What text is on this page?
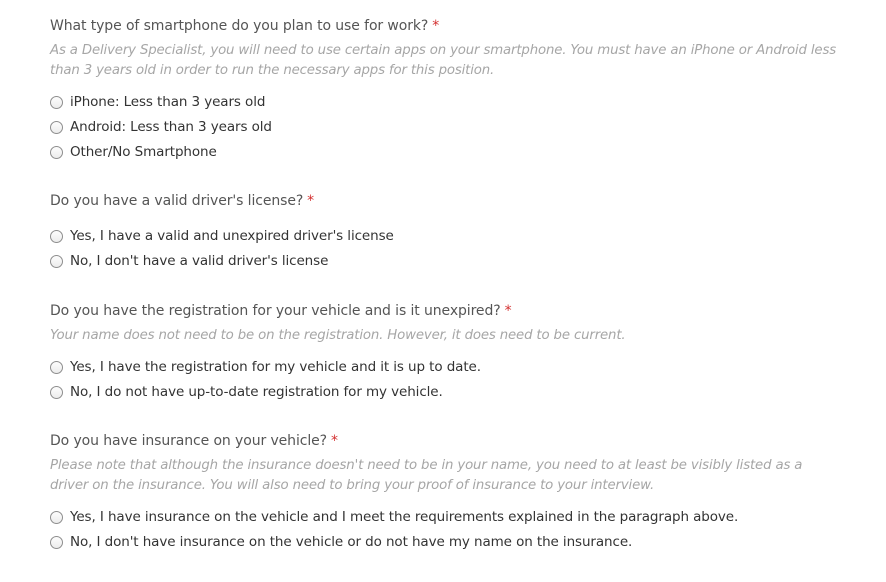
What type of smartphone do you plan to use for work? *
As a Delivery Specialist, you will need to use certain apps on your smartphone. You must have an iPhone or Android less than 3 years old in order to run the necessary apps for this position.
iPhone: Less than 3 years old
Android: Less than 3 years old
Other/No Smartphone
Do you have a valid driver's license? *
Yes, I have a valid and unexpired driver's license
No, I don't have a valid driver's license
Do you have the registration for your vehicle and is it unexpired? *
Your name does not need to be on the registration. However, it does need to be current.
Yes, I have the registration for my vehicle and it is up to date.
No, I do not have up-to-date registration for my vehicle.
Do you have insurance on your vehicle? *
Please note that although the insurance doesn't need to be in your name, you need to at least be visibly listed as a driver on the insurance. You will also need to bring your proof of insurance to your interview.
Yes, I have insurance on the vehicle and I meet the requirements explained in the paragraph above.
No, I don't have insurance on the vehicle or do not have my name on the insurance.
